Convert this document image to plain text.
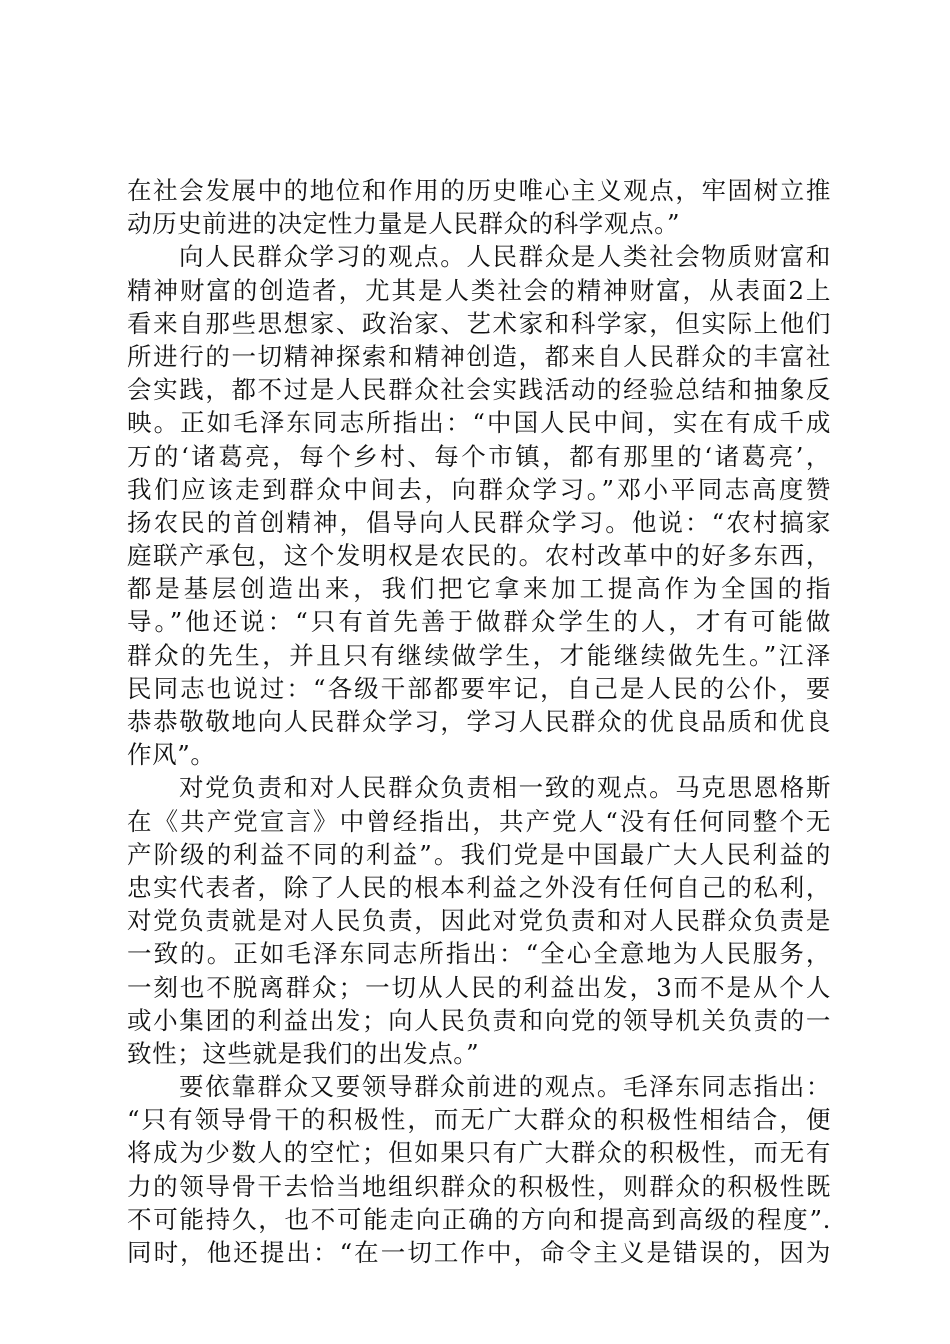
在社会发展中的地位和作用的历史唯心主义观点，牢固树立推
动历史前进的决定性力量是人民群众的科学观点。”
向人民群众学习的观点。人民群众是人类社会物质财富和
精神财富的创造者，尤其是人类社会的精神财富，从表面2上
看来自那些思想家、政治家、艺术家和科学家，但实际上他们
所进行的一切精神探索和精神创造，都来自人民群众的丰富社
会实践，都不过是人民群众社会实践活动的经验总结和抽象反
映。正如毛泽东同志所指出：“中国人民中间，实在有成千成
万的‘诸葛亮，每个乡村、每个市镇，都有那里的‘诸葛亮’，
我们应该走到群众中间去，向群众学习。”邓小平同志高度赞
扬农民的首创精神，倡导向人民群众学习。他说：“农村搞家
庭联产承包，这个发明权是农民的。农村改革中的好多东西，
都是基层创造出来，我们把它拿来加工提高作为全国的指
导。”他还说：“只有首先善于做群众学生的人，才有可能做
群众的先生，并且只有继续做学生，才能继续做先生。”江泽
民同志也说过：“各级干部都要牢记，自己是人民的公仆，要
恭恭敬敬地向人民群众学习，学习人民群众的优良品质和优良
作风”。
对党负责和对人民群众负责相一致的观点。马克思恩格斯
在《共产党宣言》中曾经指出，共产党人“没有任何同整个无
产阶级的利益不同的利益”。我们党是中国最广大人民利益的
忠实代表者，除了人民的根本利益之外没有任何自己的私利，
对党负责就是对人民负责，因此对党负责和对人民群众负责是
一致的。正如毛泽东同志所指出：“全心全意地为人民服务，
一刻也不脱离群众；一切从人民的利益出发，3而不是从个人
或小集团的利益出发；向人民负责和向党的领导机关负责的一
致性；这些就是我们的出发点。”
要依靠群众又要领导群众前进的观点。毛泽东同志指出：
“只有领导骨干的积极性，而无广大群众的积极性相结合，便
将成为少数人的空忙；但如果只有广大群众的积极性，而无有
力的领导骨干去恰当地组织群众的积极性，则群众的积极性既
不可能持久，也不可能走向正确的方向和提高到高级的程度”.
同时，他还提出：“在一切工作中，命令主义是错误的，因为
